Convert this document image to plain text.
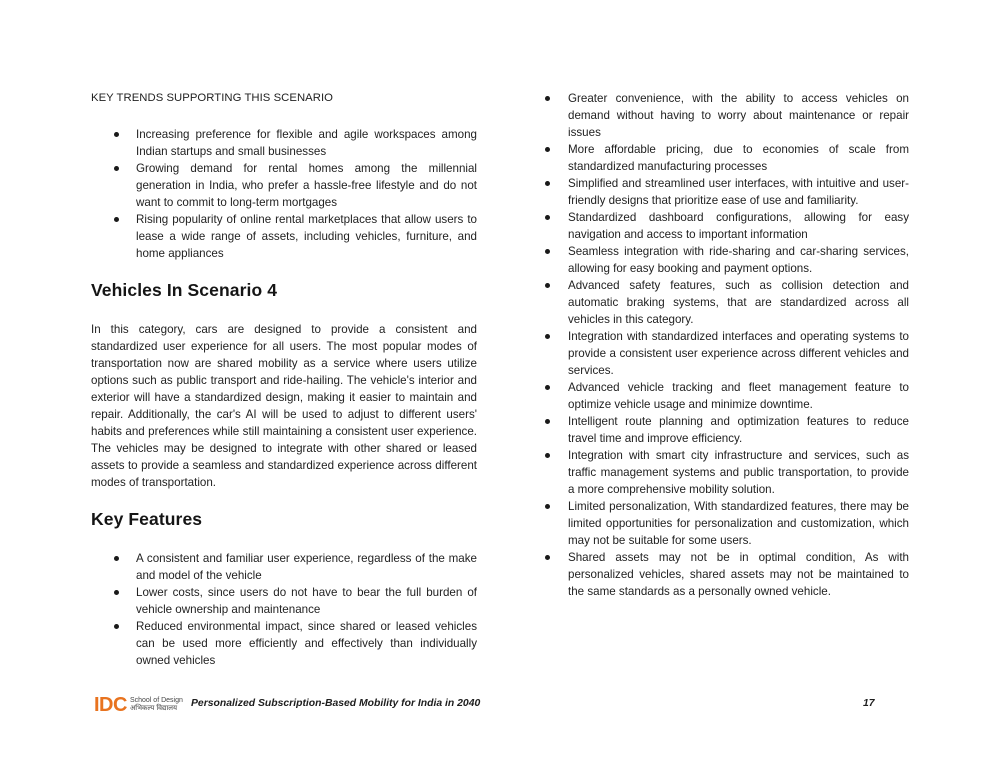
KEY TRENDS SUPPORTING THIS SCENARIO
Increasing preference for flexible and agile workspaces among Indian startups and small businesses
Growing demand for rental homes among the millennial generation in India, who prefer a hassle-free lifestyle and do not want to commit to long-term mortgages
Rising popularity of online rental marketplaces that allow users to lease a wide range of assets, including vehicles, furniture, and home appliances
Vehicles In Scenario 4

In this category, cars are designed to provide a consistent and standardized user experience for all users. The most popular modes of transportation now are shared mobility as a service where users utilize options such as public transport and ride-hailing. The vehicle's interior and exterior will have a standardized design, making it easier to maintain and repair. Additionally, the car's AI will be used to adjust to different users' habits and preferences while still maintaining a consistent user experience. The vehicles may be designed to integrate with other shared or leased assets to provide a seamless and standardized experience across different modes of transportation.

Key Features
A consistent and familiar user experience, regardless of the make and model of the vehicle
Lower costs, since users do not have to bear the full burden of vehicle ownership and maintenance
Reduced environmental impact, since shared or leased vehicles can be used more efficiently and effectively than individually owned vehicles
Greater convenience, with the ability to access vehicles on demand without having to worry about maintenance or repair issues
More affordable pricing, due to economies of scale from standardized manufacturing processes
Simplified and streamlined user interfaces, with intuitive and user-friendly designs that prioritize ease of use and familiarity.
Standardized dashboard configurations, allowing for easy navigation and access to important information
Seamless integration with ride-sharing and car-sharing services, allowing for easy booking and payment options.
Advanced safety features, such as collision detection and automatic braking systems, that are standardized across all vehicles in this category.
Integration with standardized interfaces and operating systems to provide a consistent user experience across different vehicles and services.
Advanced vehicle tracking and fleet management feature to optimize vehicle usage and minimize downtime.
Intelligent route planning and optimization features to reduce travel time and improve efficiency.
Integration with smart city infrastructure and services, such as traffic management systems and public transportation, to provide a more comprehensive mobility solution.
Limited personalization, With standardized features, there may be limited opportunities for personalization and customization, which may not be suitable for some users.
Shared assets may not be in optimal condition, As with personalized vehicles, shared assets may not be maintained to the same standards as a personally owned vehicle.
IDC School of Design
अभिकल्प विद्यालय	Personalized Subscription-Based Mobility for India in 2040	17
